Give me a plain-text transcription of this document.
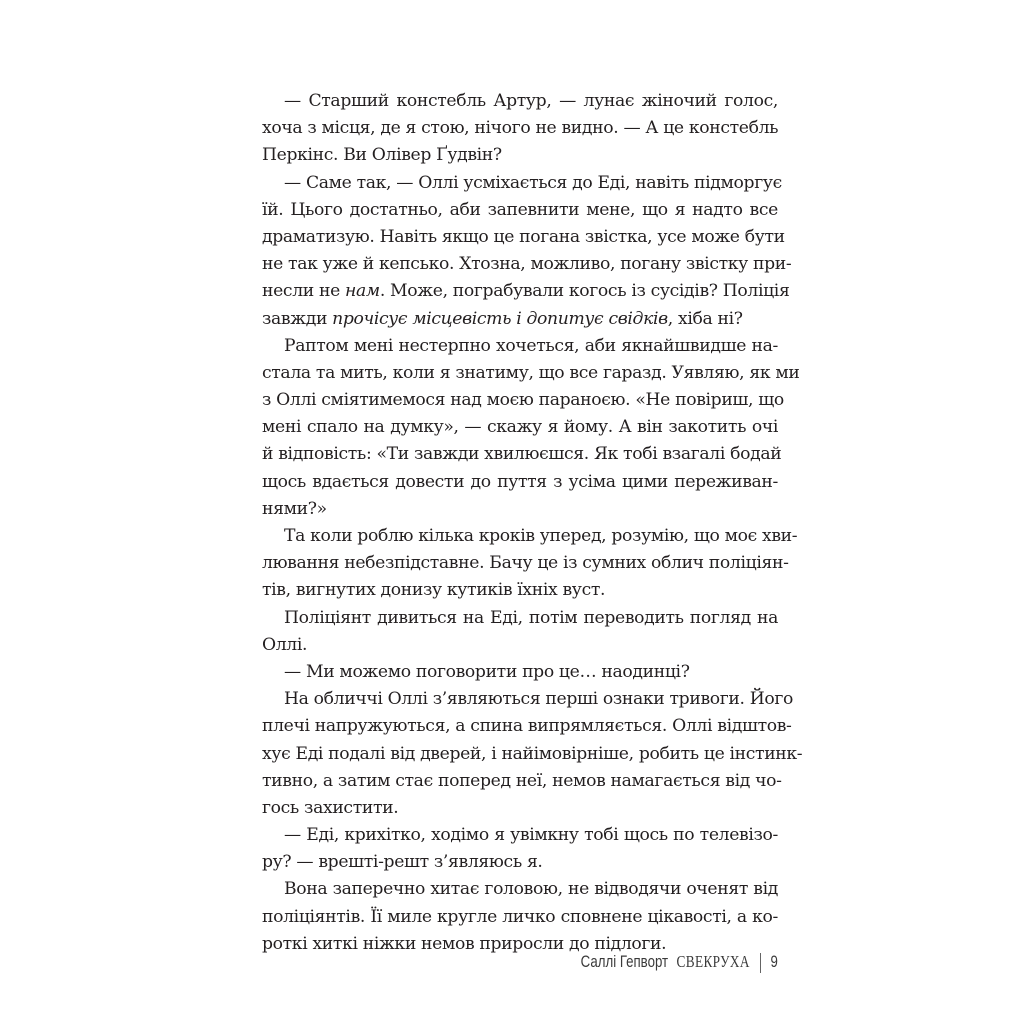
— Старший констебль Артур, — лунає жіночий голос,
хоча з місця, де я стою, нічого не видно. — А це констебль
Перкінс. Ви Олівер Ґудвін?
— Саме так, — Оллі усміхається до Еді, навіть підморгує
їй. Цього достатньо, аби запевнити мене, що я надто все
драматизую. Навіть якщо це погана звістка, усе може бути
не так уже й кепсько. Хтозна, можливо, погану звістку при-
несли не нам. Може, пограбували когось із сусідів? Поліція
завжди прочісує місцевість і допитує свідків, хіба ні?
Раптом мені нестерпно хочеться, аби якнайшвидше на-
стала та мить, коли я знатиму, що все гаразд. Уявляю, як ми
з Оллі сміятимемося над моєю параноєю. «Не повіриш, що
мені спало на думку», — скажу я йому. А він закотить очі
й відповість: «Ти завжди хвилюєшся. Як тобі взагалі бодай
щось вдається довести до пуття з усіма цими переживан-
нями?»
Та коли роблю кілька кроків уперед, розумію, що моє хви-
лювання небезпідставне. Бачу це із сумних облич поліціян-
тів, вигнутих донизу кутиків їхніх вуст.
Поліціянт дивиться на Еді, потім переводить погляд на
Оллі.
— Ми можемо поговорити про це… наодинці?
На обличчі Оллі з’являються перші ознаки тривоги. Його
плечі напружуються, а спина випрямляється. Оллі відштов-
хує Еді подалі від дверей, і найімовірніше, робить це інстинк-
тивно, а затим стає поперед неї, немов намагається від чо-
гось захистити.
— Еді, крихітко, ходімо я увімкну тобі щось по телевізо-
ру? — врешті-решт з’являюсь я.
Вона заперечно хитає головою, не відводячи оченят від
поліціянтів. Її миле кругле личко сповнене цікавості, а ко-
роткі хиткі ніжки немов приросли до підлоги.
Саллі Гепворт СВЕКРУХА 9
